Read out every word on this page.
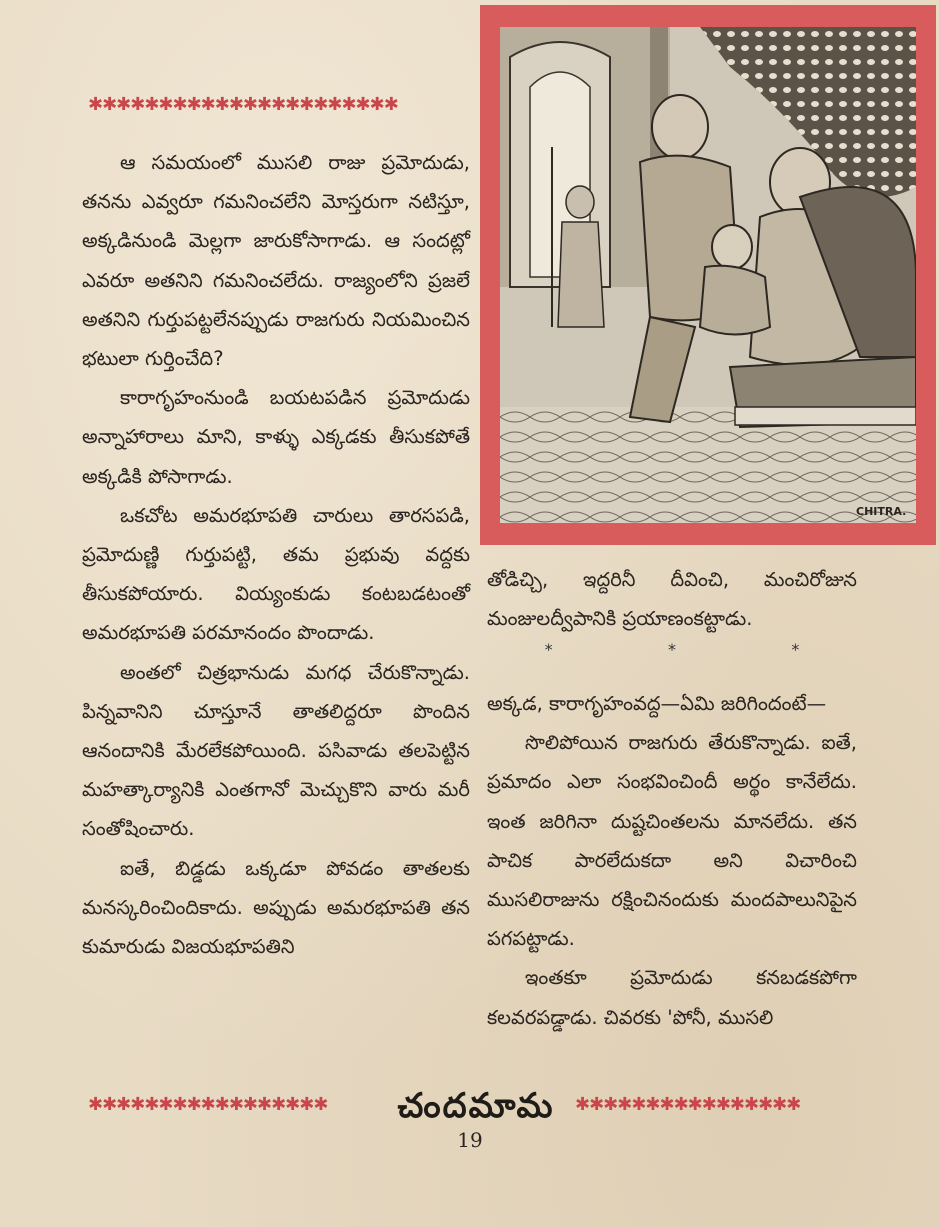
✱✱✱✱✱✱✱✱✱✱✱✱✱✱✱✱✱✱✱✱✱✱

ఆ సమయంలో ముసలి రాజు ప్రమోదుడు, తనను ఎవ్వరూ గమనించలేని మోస్తరుగా నటిస్తూ, అక్కడినుండి మెల్లగా జారుకోసాగాడు. ఆ సందట్లో ఎవరూ అతనిని గమనించలేదు. రాజ్యంలోని ప్రజలే అతనిని గుర్తుపట్టలేనప్పుడు రాజగురు నియమించిన భటులా గుర్తించేది?

కారాగృహంనుండి బయటపడిన ప్రమోదుడు అన్నాహారాలు మాని, కాళ్ళు ఎక్కడకు తీసుకపోతే అక్కడికి పోసాగాడు.

ఒకచోట అమరభూపతి చారులు తారసపడి, ప్రమోదుణ్ణి గుర్తుపట్టి, తమ ప్రభువు వద్దకు తీసుకపోయారు. వియ్యంకుడు కంటబడటంతో అమరభూపతి పరమానందం పొందాడు.

అంతలో చిత్రభానుడు మగధ చేరుకొన్నాడు. పిన్నవానిని చూస్తూనే తాతలిద్దరూ పొందిన ఆనందానికి మేరలేకపోయింది. పసివాడు తలపెట్టిన మహత్కార్యానికి ఎంతగానో మెచ్చుకొని వారు మరీ సంతోషించారు.

ఐతే, బిడ్డడు ఒక్కడూ పోవడం తాతలకు మనస్కరించిందికాదు. అప్పుడు అమరభూపతి తన కుమారుడు విజయభూపతిని

CHITRA.

తోడిచ్చి, ఇద్దరినీ దీవించి, మంచిరోజున మంజులద్వీపానికి ప్రయాణంకట్టాడు.

*	*	*

అక్కడ, కారాగృహంవద్ద—ఏమి జరిగిందంటే—

సొలిపోయిన రాజగురు తేరుకొన్నాడు. ఐతే, ప్రమాదం ఎలా సంభవించిందీ అర్థం కానేలేదు. ఇంత జరిగినా దుష్టచింతలను మానలేదు. తన పాచిక పారలేదుకదా అని విచారించి ముసలిరాజును రక్షించినందుకు మందపాలునిపైన పగపట్టాడు.

ఇంతకూ ప్రమోదుడు కనబడకపోగా కలవరపడ్డాడు. చివరకు 'పోనీ, ముసలి

✱✱✱✱✱✱✱✱✱✱✱✱✱✱✱✱✱	చందమామ	✱✱✱✱✱✱✱✱✱✱✱✱✱✱✱✱
19
